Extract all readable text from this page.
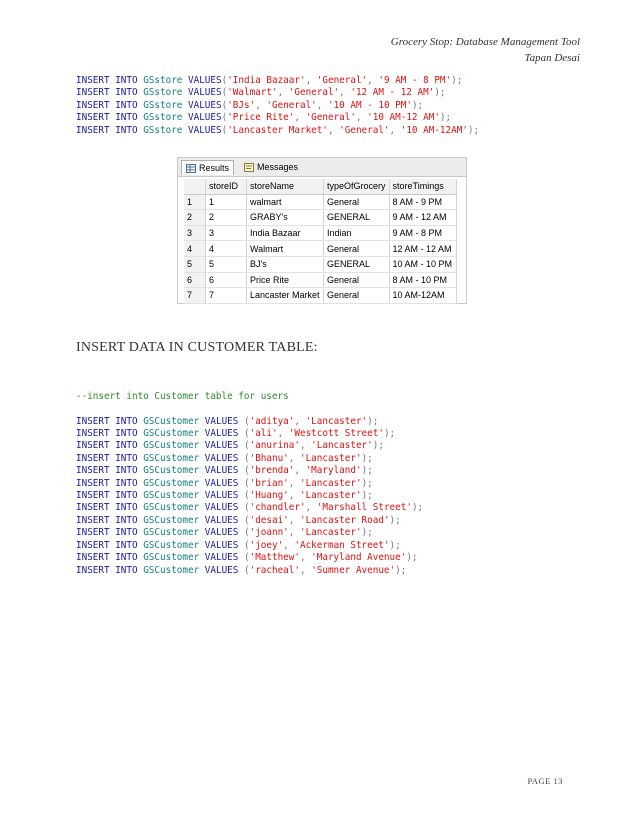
Grocery Stop: Database Management Tool
Tapan Desai
INSERT INTO GSstore VALUES('India Bazaar', 'General', '9 AM - 8 PM');
INSERT INTO GSstore VALUES('Walmart', 'General', '12 AM - 12 AM');
INSERT INTO GSstore VALUES('BJs', 'General', '10 AM - 10 PM');
INSERT INTO GSstore VALUES('Price Rite', 'General', '10 AM-12 AM');
INSERT INTO GSstore VALUES('Lancaster Market', 'General', '10 AM-12AM');
Results	Messages
	storeID	storeName	typeOfGrocery	storeTimings
1	1	walmart	General	8 AM - 9 PM
2	2	GRABY's	GENERAL	9 AM - 12 AM
3	3	India Bazaar	Indian	9 AM - 8 PM
4	4	Walmart	General	12 AM - 12 AM
5	5	BJ's	GENERAL	10 AM - 10 PM
6	6	Price Rite	General	8 AM - 10 PM
7	7	Lancaster Market	General	10 AM-12AM
INSERT DATA IN CUSTOMER TABLE:

--insert into Customer table for users

INSERT INTO GSCustomer VALUES ('aditya', 'Lancaster');
INSERT INTO GSCustomer VALUES ('ali', 'Westcott Street');
INSERT INTO GSCustomer VALUES ('anurina', 'Lancaster');
INSERT INTO GSCustomer VALUES ('Bhanu', 'Lancaster');
INSERT INTO GSCustomer VALUES ('brenda', 'Maryland');
INSERT INTO GSCustomer VALUES ('brian', 'Lancaster');
INSERT INTO GSCustomer VALUES ('Huang', 'Lancaster');
INSERT INTO GSCustomer VALUES ('chandler', 'Marshall Street');
INSERT INTO GSCustomer VALUES ('desai', 'Lancaster Road');
INSERT INTO GSCustomer VALUES ('joann', 'Lancaster');
INSERT INTO GSCustomer VALUES ('joey', 'Ackerman Street');
INSERT INTO GSCustomer VALUES ('Matthew', 'Maryland Avenue');
INSERT INTO GSCustomer VALUES ('racheal', 'Sumner Avenue');
PAGE 13
